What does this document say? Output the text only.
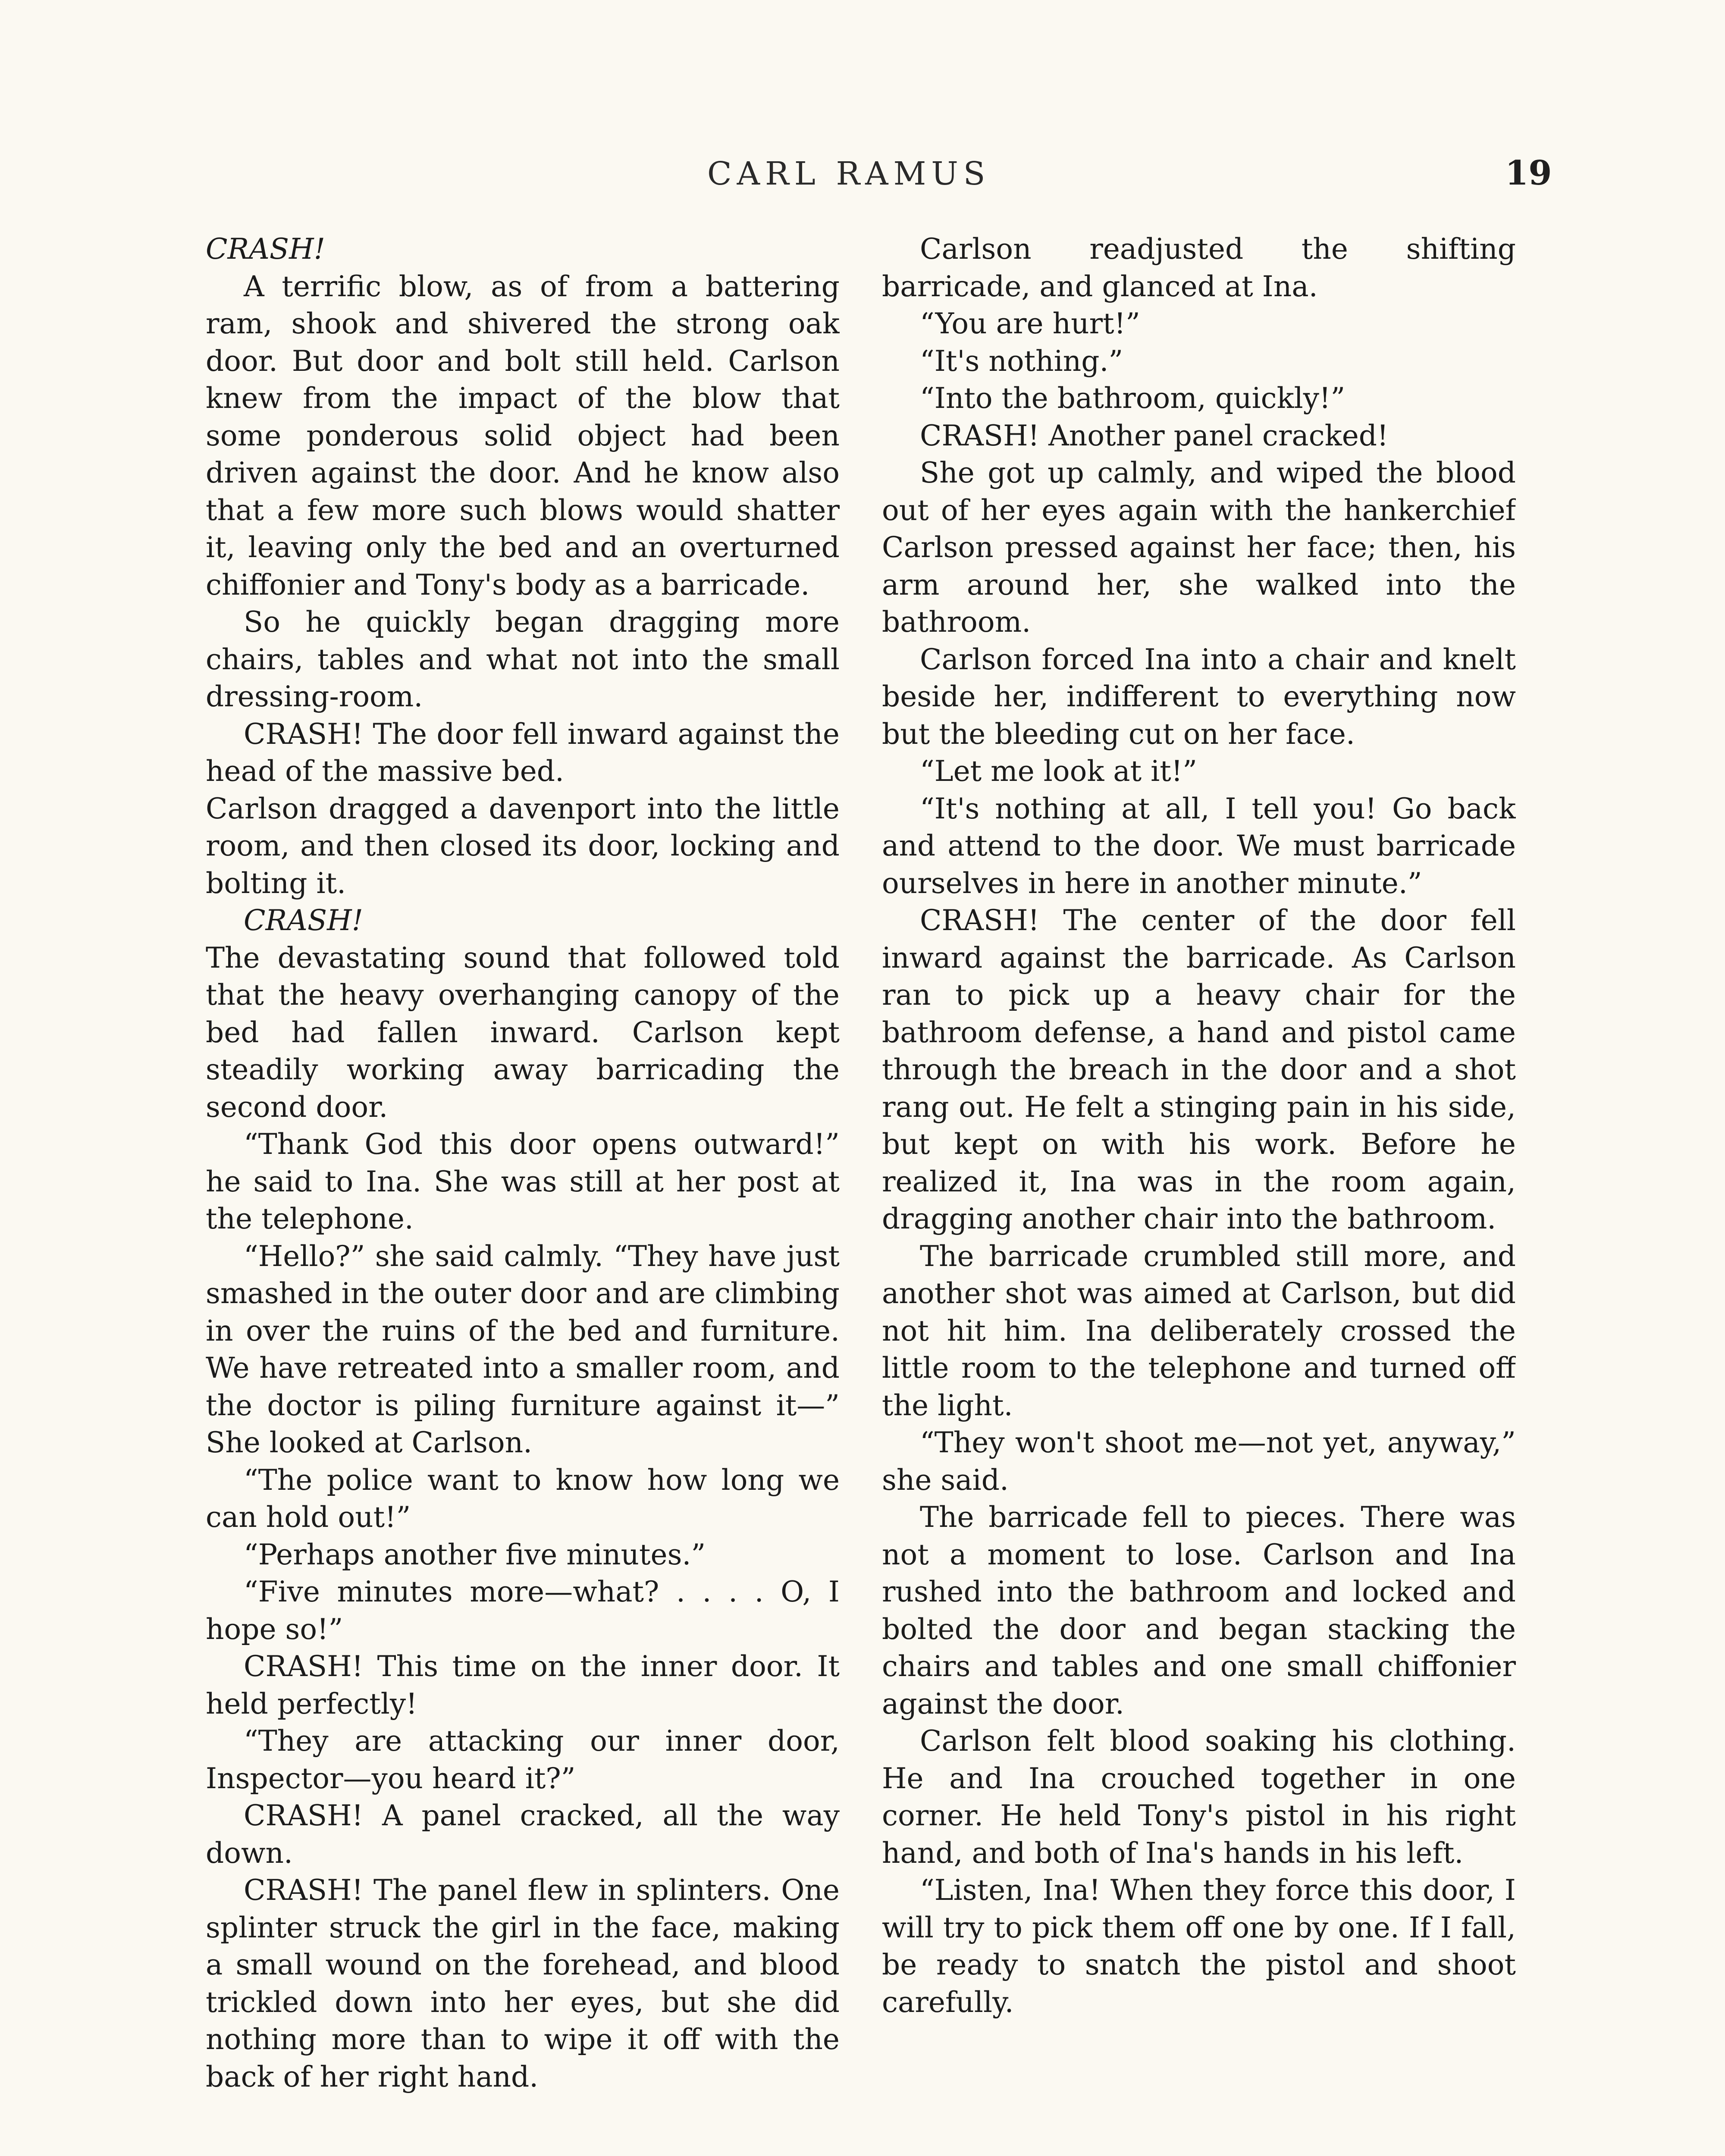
CARL RAMUS	19

CRASH!

A terrific blow, as of from a battering ram, shook and shivered the strong oak door. But door and bolt still held. Carlson knew from the impact of the blow that some ponderous solid object had been driven against the door. And he know also that a few more such blows would shatter it, leaving only the bed and an overturned chiffonier and Tony's body as a barricade.

So he quickly began dragging more chairs, tables and what not into the small dressing-room.

CRASH! The door fell inward against the head of the massive bed.

Carlson dragged a davenport into the little room, and then closed its door, locking and bolting it.

CRASH!

The devastating sound that followed told that the heavy overhanging canopy of the bed had fallen inward. Carlson kept steadily working away barricading the second door.

“Thank God this door opens outward!” he said to Ina. She was still at her post at the telephone.

“Hello?” she said calmly. “They have just smashed in the outer door and are climbing in over the ruins of the bed and furniture. We have retreated into a smaller room, and the doctor is piling furniture against it—” She looked at Carlson.

“The police want to know how long we can hold out!”

“Perhaps another five minutes.”

“Five minutes more—what? . . . . O, I hope so!”

CRASH! This time on the inner door. It held perfectly!

“They are attacking our inner door, Inspector—you heard it?”

CRASH! A panel cracked, all the way down.

CRASH! The panel flew in splinters. One splinter struck the girl in the face, making a small wound on the forehead, and blood trickled down into her eyes, but she did nothing more than to wipe it off with the back of her right hand.

Carlson readjusted the shifting barricade, and glanced at Ina.

“You are hurt!”

“It's nothing.”

“Into the bathroom, quickly!”

CRASH! Another panel cracked!

She got up calmly, and wiped the blood out of her eyes again with the hankerchief Carlson pressed against her face; then, his arm around her, she walked into the bathroom.

Carlson forced Ina into a chair and knelt beside her, indifferent to everything now but the bleeding cut on her face.

“Let me look at it!”

“It's nothing at all, I tell you! Go back and attend to the door. We must barricade ourselves in here in another minute.”

CRASH! The center of the door fell inward against the barricade. As Carlson ran to pick up a heavy chair for the bathroom defense, a hand and pistol came through the breach in the door and a shot rang out. He felt a stinging pain in his side, but kept on with his work. Before he realized it, Ina was in the room again, dragging another chair into the bathroom.

The barricade crumbled still more, and another shot was aimed at Carlson, but did not hit him. Ina deliberately crossed the little room to the telephone and turned off the light.

“They won't shoot me—not yet, anyway,” she said.

The barricade fell to pieces. There was not a moment to lose. Carlson and Ina rushed into the bathroom and locked and bolted the door and began stacking the chairs and tables and one small chiffonier against the door.

Carlson felt blood soaking his clothing. He and Ina crouched together in one corner. He held Tony's pistol in his right hand, and both of Ina's hands in his left.

“Listen, Ina! When they force this door, I will try to pick them off one by one. If I fall, be ready to snatch the pistol and shoot carefully.
